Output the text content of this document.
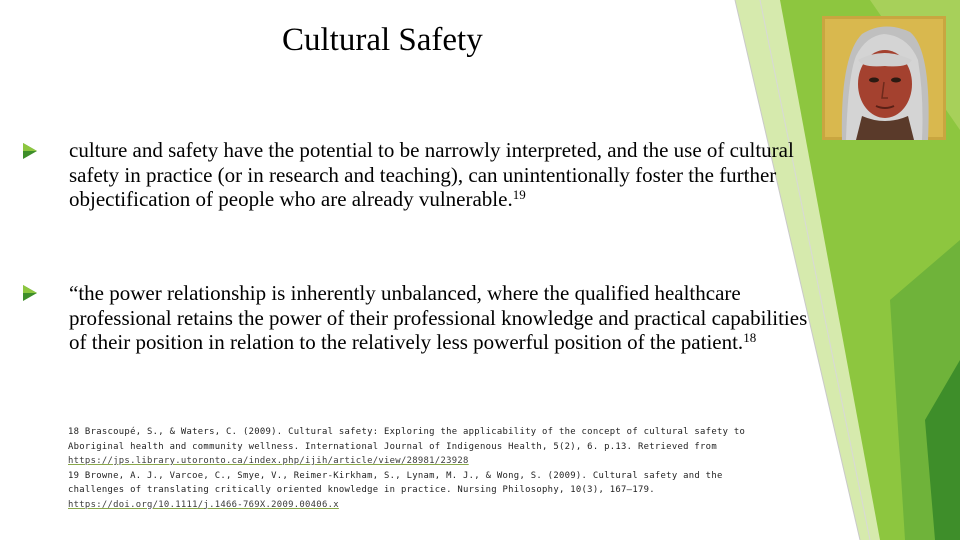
Cultural Safety
culture and safety have the potential to be narrowly interpreted, and the use of cultural safety in practice (or in research and teaching), can unintentionally foster the further objectification of people who are already vulnerable.$^{19}$
“the power relationship is inherently unbalanced, where the qualified healthcare professional retains the power of their professional knowledge and practical capabilities of their position in relation to the relatively less powerful position of the patient.$^{18}$
18 Brascoupé, S., & Waters, C. (2009). Cultural safety: Exploring the applicability of the concept of cultural safety to
Aboriginal health and community wellness. International Journal of Indigenous Health, 5(2), 6. p.13. Retrieved from
https://jps.library.utoronto.ca/index.php/ijih/article/view/28981/23928
19 Browne, A. J., Varcoe, C., Smye, V., Reimer-Kirkham, S., Lynam, M. J., & Wong, S. (2009). Cultural safety and the
challenges of translating critically oriented knowledge in practice. Nursing Philosophy, 10(3), 167–179.
https://doi.org/10.1111/j.1466-769X.2009.00406.x
